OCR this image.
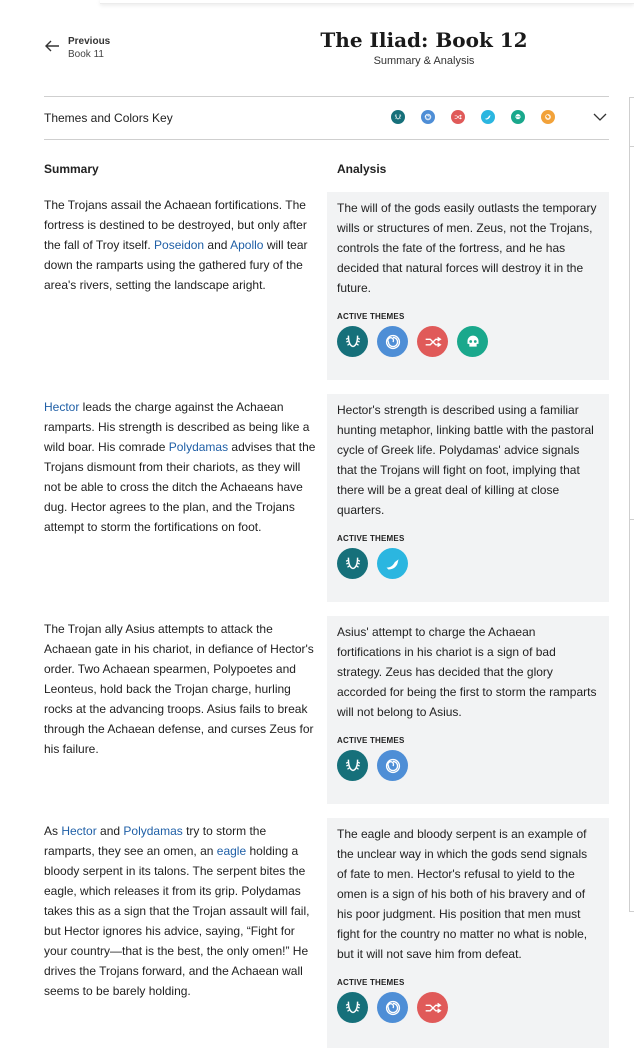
Previous
Book 11
The Iliad: Book 12
Summary & Analysis
Themes and Colors Key
Summary	Analysis
The Trojans assail the Achaean fortifications. The fortress is destined to be destroyed, but only after the fall of Troy itself. Poseidon and Apollo will tear down the ramparts using the gathered fury of the area's rivers, setting the landscape aright.
The will of the gods easily outlasts the temporary wills or structures of men. Zeus, not the Trojans, controls the fate of the fortress, and he has decided that natural forces will destroy it in the future.
ACTIVE THEMES
Hector leads the charge against the Achaean ramparts. His strength is described as being like a wild boar. His comrade Polydamas advises that the Trojans dismount from their chariots, as they will not be able to cross the ditch the Achaeans have dug. Hector agrees to the plan, and the Trojans attempt to storm the fortifications on foot.
Hector's strength is described using a familiar hunting metaphor, linking battle with the pastoral cycle of Greek life. Polydamas' advice signals that the Trojans will fight on foot, implying that there will be a great deal of killing at close quarters.
ACTIVE THEMES
The Trojan ally Asius attempts to attack the Achaean gate in his chariot, in defiance of Hector's order. Two Achaean spearmen, Polypoetes and Leonteus, hold back the Trojan charge, hurling rocks at the advancing troops. Asius fails to break through the Achaean defense, and curses Zeus for his failure.
Asius' attempt to charge the Achaean fortifications in his chariot is a sign of bad strategy. Zeus has decided that the glory accorded for being the first to storm the ramparts will not belong to Asius.
ACTIVE THEMES
As Hector and Polydamas try to storm the ramparts, they see an omen, an eagle holding a bloody serpent in its talons. The serpent bites the eagle, which releases it from its grip. Polydamas takes this as a sign that the Trojan assault will fail, but Hector ignores his advice, saying, “Fight for your country—that is the best, the only omen!” He drives the Trojans forward, and the Achaean wall seems to be barely holding.
The eagle and bloody serpent is an example of the unclear way in which the gods send signals of fate to men. Hector's refusal to yield to the omen is a sign of his both of his bravery and of his poor judgment. His position that men must fight for the country no matter no what is noble, but it will not save him from defeat.
ACTIVE THEMES
